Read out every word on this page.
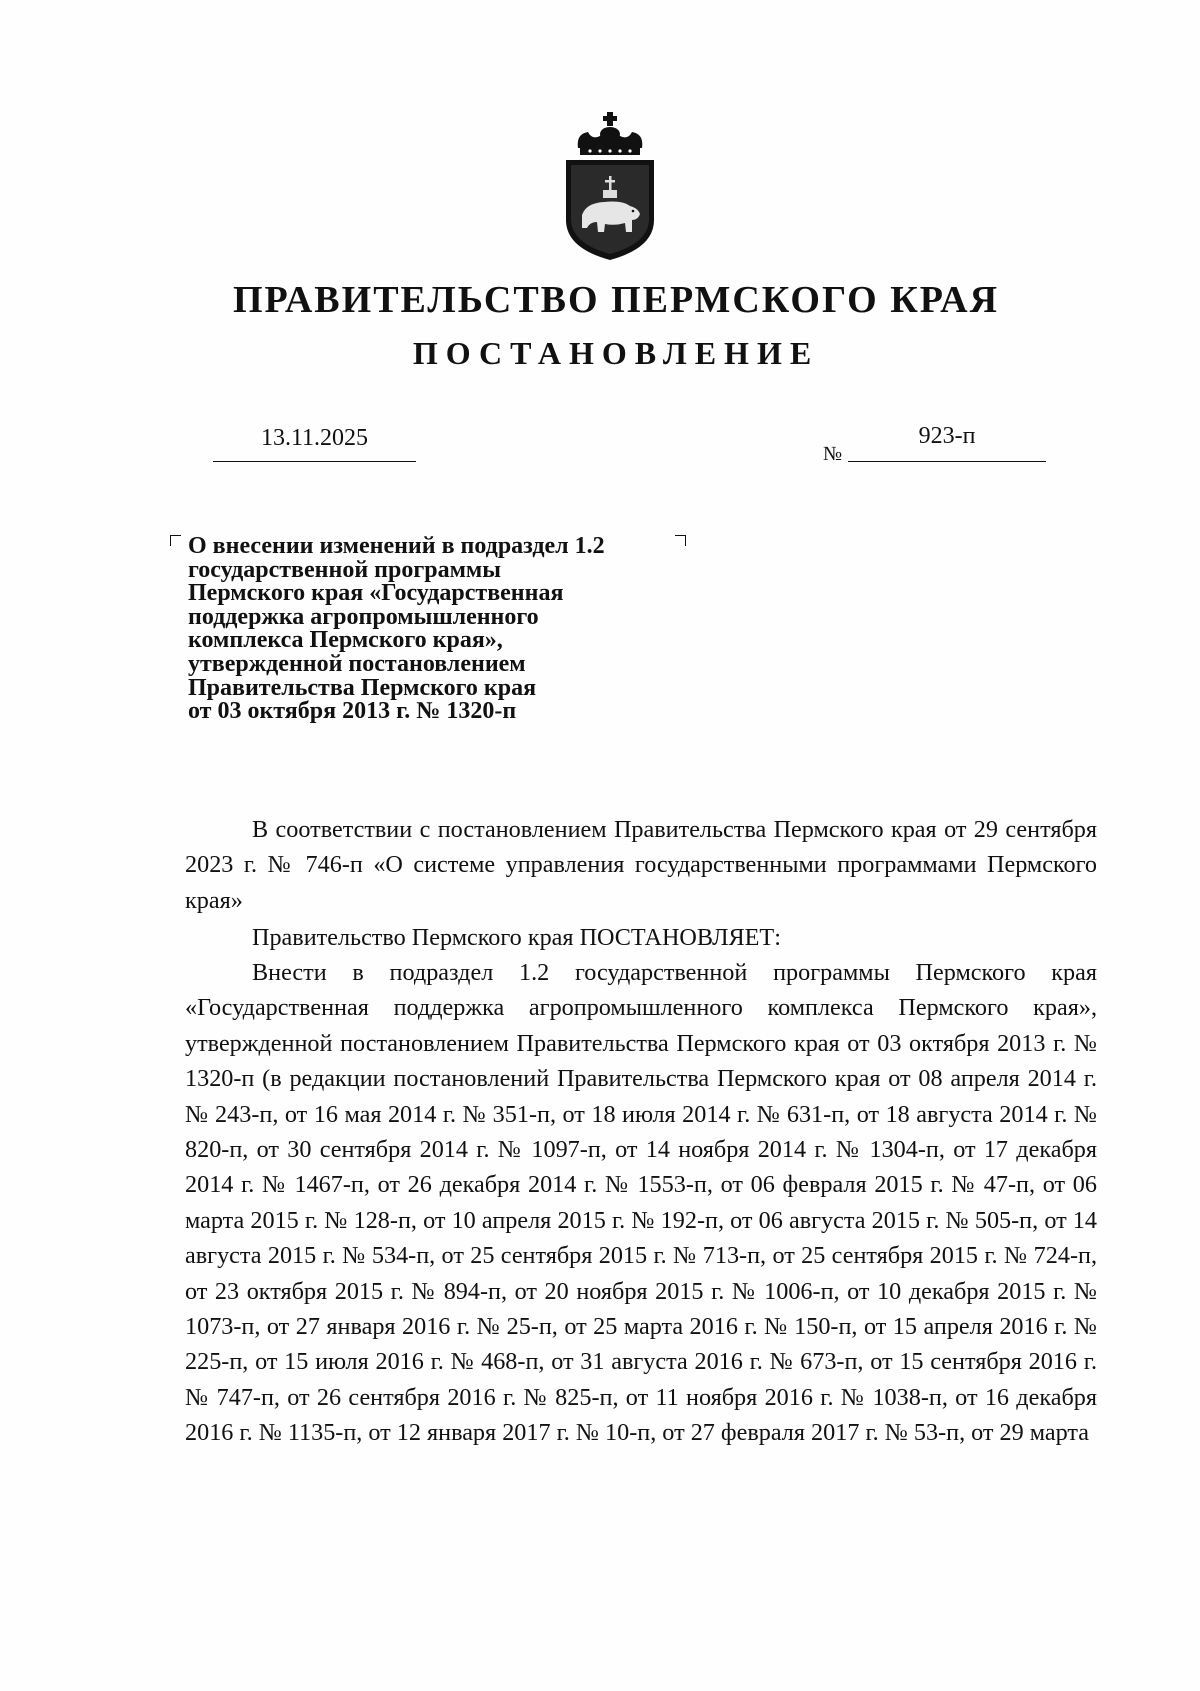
ПРАВИТЕЛЬСТВО ПЕРМСКОГО КРАЯ
ПОСТАНОВЛЕНИЕ
13.11.2025
№
923-п
О внесении изменений в подраздел 1.2
государственной программы
Пермского края «Государственная
поддержка агропромышленного
комплекса Пермского края»,
утвержденной постановлением
Правительства Пермского края
от 03 октября 2013 г. № 1320-п

В соответствии с постановлением Правительства Пермского края от 29 сентября 2023 г. № 746-п «О системе управления государственными программами Пермского края»

Правительство Пермского края ПОСТАНОВЛЯЕТ:

Внести в подраздел 1.2 государственной программы Пермского края «Государственная поддержка агропромышленного комплекса Пермского края», утвержденной постановлением Правительства Пермского края от 03 октября 2013 г. № 1320-п (в редакции постановлений Правительства Пермского края от 08 апреля 2014 г. № 243-п, от 16 мая 2014 г. № 351-п, от 18 июля 2014 г. № 631-п, от 18 августа 2014 г. № 820-п, от 30 сентября 2014 г. № 1097-п, от 14 ноября 2014 г. № 1304-п, от 17 декабря 2014 г. № 1467-п, от 26 декабря 2014 г. № 1553-п, от 06 февраля 2015 г. № 47-п, от 06 марта 2015 г. № 128-п, от 10 апреля 2015 г. № 192-п, от 06 августа 2015 г. № 505-п, от 14 августа 2015 г. № 534-п, от 25 сентября 2015 г. № 713-п, от 25 сентября 2015 г. № 724-п, от 23 октября 2015 г. № 894-п, от 20 ноября 2015 г. № 1006-п, от 10 декабря 2015 г. № 1073-п, от 27 января 2016 г. № 25-п, от 25 марта 2016 г. № 150-п, от 15 апреля 2016 г. № 225-п, от 15 июля 2016 г. № 468-п, от 31 августа 2016 г. № 673-п, от 15 сентября 2016 г. № 747-п, от 26 сентября 2016 г. № 825-п, от 11 ноября 2016 г. № 1038-п, от 16 декабря 2016 г. № 1135-п, от 12 января 2017 г. № 10-п, от 27 февраля 2017 г. № 53-п, от 29 марта
